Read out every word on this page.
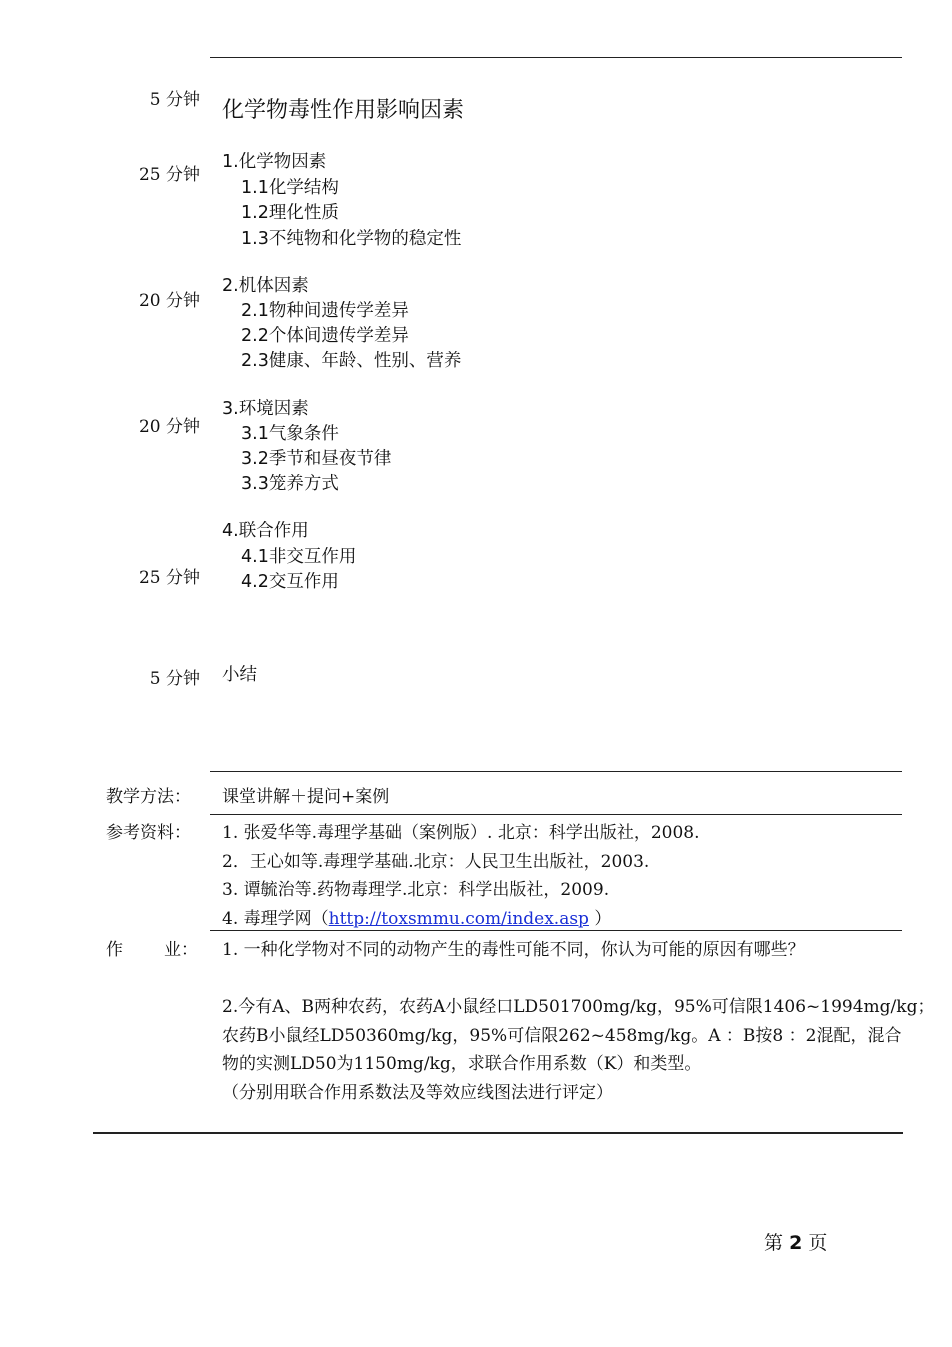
5 分钟 化学物毒性作用影响因素
25 分钟
1.化学物因素
1.1化学结构
1.2理化性质
1.3不纯物和化学物的稳定性
20 分钟
2.机体因素
2.1物种间遗传学差异
2.2个体间遗传学差异
2.3健康、年龄、性别、营养
20 分钟
3.环境因素
3.1气象条件
3.2季节和昼夜节律
3.3笼养方式
4.联合作用
4.1非交互作用
4.2交互作用
25 分钟
5 分钟 小结
教学方法： 课堂讲解＋提问+案例
参考资料： 1. 张爱华等.毒理学基础（案例版）. 北京：科学出版社，2008.
2．王心如等.毒理学基础.北京：人民卫生出版社，2003.
3. 谭毓治等.药物毒理学.北京：科学出版社，2009.
4. 毒理学网（http://toxsmmu.com/index.asp ）
作 业： 1. 一种化学物对不同的动物产生的毒性可能不同，你认为可能的原因有哪些？
2.今有A、B两种农药，农药A小鼠经口LD501700mg/kg，95%可信限1406~1994mg/kg；
农药B小鼠经LD50360mg/kg，95%可信限262~458mg/kg。A ：B按8 ：2混配，混合
物的实测LD50为1150mg/kg，求联合作用系数（K）和类型。
（分别用联合作用系数法及等效应线图法进行评定）
第 2 页
